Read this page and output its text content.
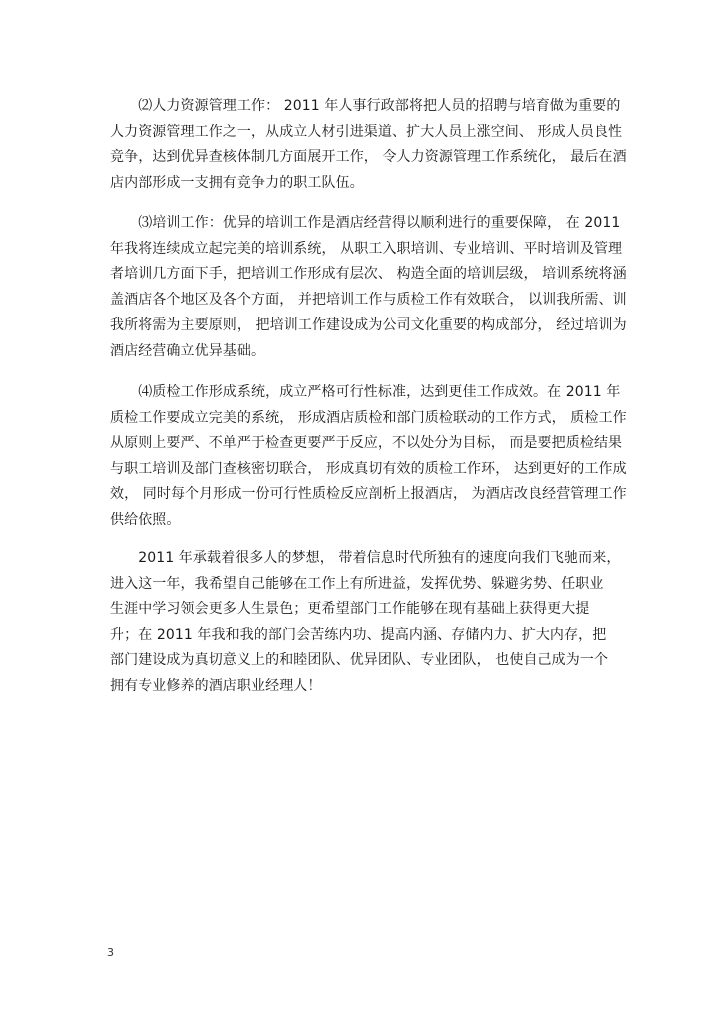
　　⑵人力资源管理工作： 2011 年人事行政部将把人员的招聘与培育做为重要的
人力资源管理工作之一，从成立人材引进渠道、扩大人员上涨空间、 形成人员良性
竞争，达到优异查核体制几方面展开工作， 令人力资源管理工作系统化， 最后在酒
店内部形成一支拥有竞争力的职工队伍。

　　⑶培训工作：优异的培训工作是酒店经营得以顺利进行的重要保障， 在 2011
年我将连续成立起完美的培训系统， 从职工入职培训、专业培训、平时培训及管理
者培训几方面下手，把培训工作形成有层次、 构造全面的培训层级， 培训系统将涵
盖酒店各个地区及各个方面， 并把培训工作与质检工作有效联合， 以训我所需、训
我所将需为主要原则， 把培训工作建设成为公司文化重要的构成部分， 经过培训为
酒店经营确立优异基础。

　　⑷质检工作形成系统，成立严格可行性标准，达到更佳工作成效。在 2011 年
质检工作要成立完美的系统， 形成酒店质检和部门质检联动的工作方式， 质检工作
从原则上要严、不单严于检查更要严于反应，不以处分为目标， 而是要把质检结果
与职工培训及部门查核密切联合， 形成真切有效的质检工作环， 达到更好的工作成
效， 同时每个月形成一份可行性质检反应剖析上报酒店， 为酒店改良经营管理工作
供给依照。

　　2011 年承载着很多人的梦想， 带着信息时代所独有的速度向我们飞驰而来，
进入这一年，我希望自己能够在工作上有所进益，发挥优势、躲避劣势、任职业
生涯中学习领会更多人生景色；更希望部门工作能够在现有基础上获得更大提
升；在 2011 年我和我的部门会苦练内功、提高内涵、存储内力、扩大内存，把
部门建设成为真切意义上的和睦团队、优异团队、专业团队， 也使自己成为一个
拥有专业修养的酒店职业经理人！

3
